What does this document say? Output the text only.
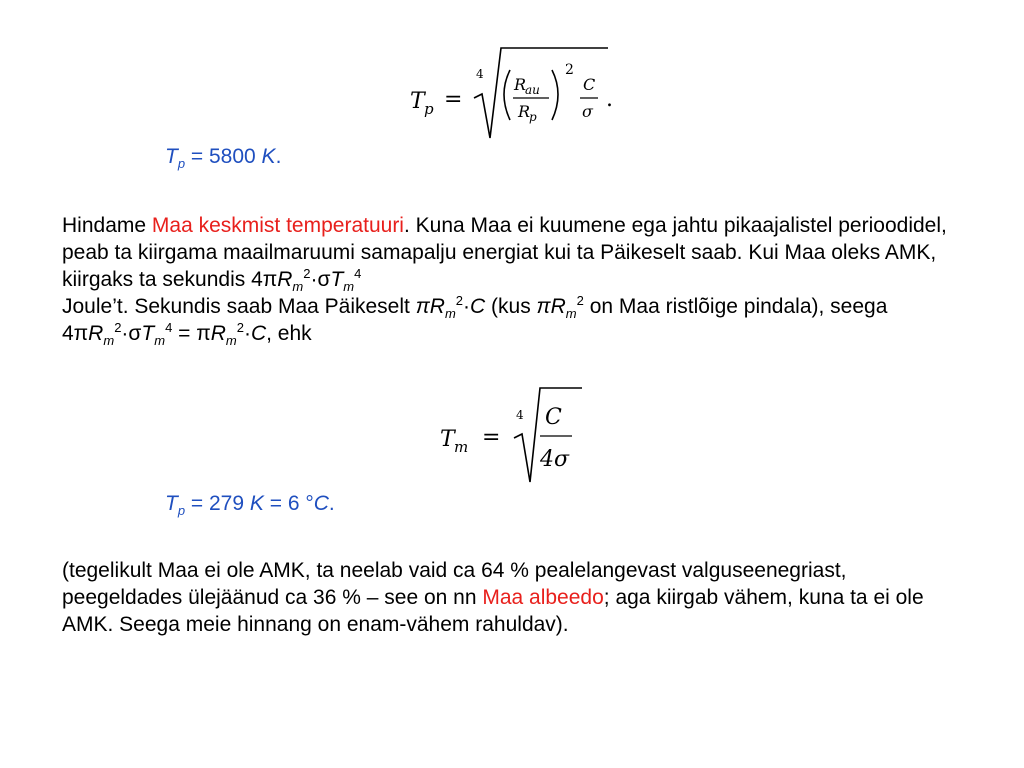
T p =
4
R
au
R
p
2
C
σ .
$T_p = 5800$ K.
Hindame Maa keskmist temperatuuri. Kuna Maa ei kuumene ega jahtu pikaajalistel perioodidel, peab ta kiirgama maailmaruumi samapalju energiat kui ta Päikeselt saab. Kui Maa oleks AMK, kiirgaks ta sekundis $4\pi R_m^2\cdot\sigma T_m^4$
Joule’t. Sekundis saab Maa Päikeselt $\pi R_m^2\cdot C$ (kus $\pi R_m^2$ on Maa ristlõige pindala), seega $4\pi R_m^2\cdot\sigma T_m^4 = \pi R_m^2\cdot C$, ehk
T m =
4 C
4σ
$T_p = 279$ K = 6 °C.
(tegelikult Maa ei ole AMK, ta neelab vaid ca 64 % pealelangevast valguseenegriast, peegeldades ülejäänud ca 36 % – see on nn Maa albeedo; aga kiirgab vähem, kuna ta ei ole AMK. Seega meie hinnang on enam-vähem rahuldav).
